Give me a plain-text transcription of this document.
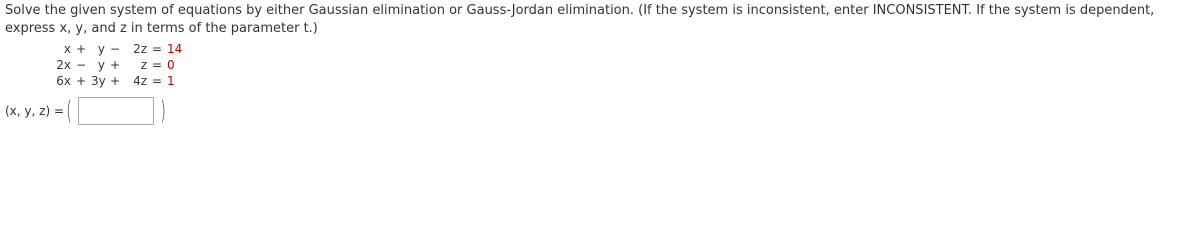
Solve the given system of equations by either Gaussian elimination or Gauss-Jordan elimination. (If the system is inconsistent, enter INCONSISTENT. If the system is dependent, express x, y, and z in terms of the parameter t.)

x + y −	2z = 14
2x − y +	z = 0
6x + 3y +	4z = 1
(x, y, z) = (	)
